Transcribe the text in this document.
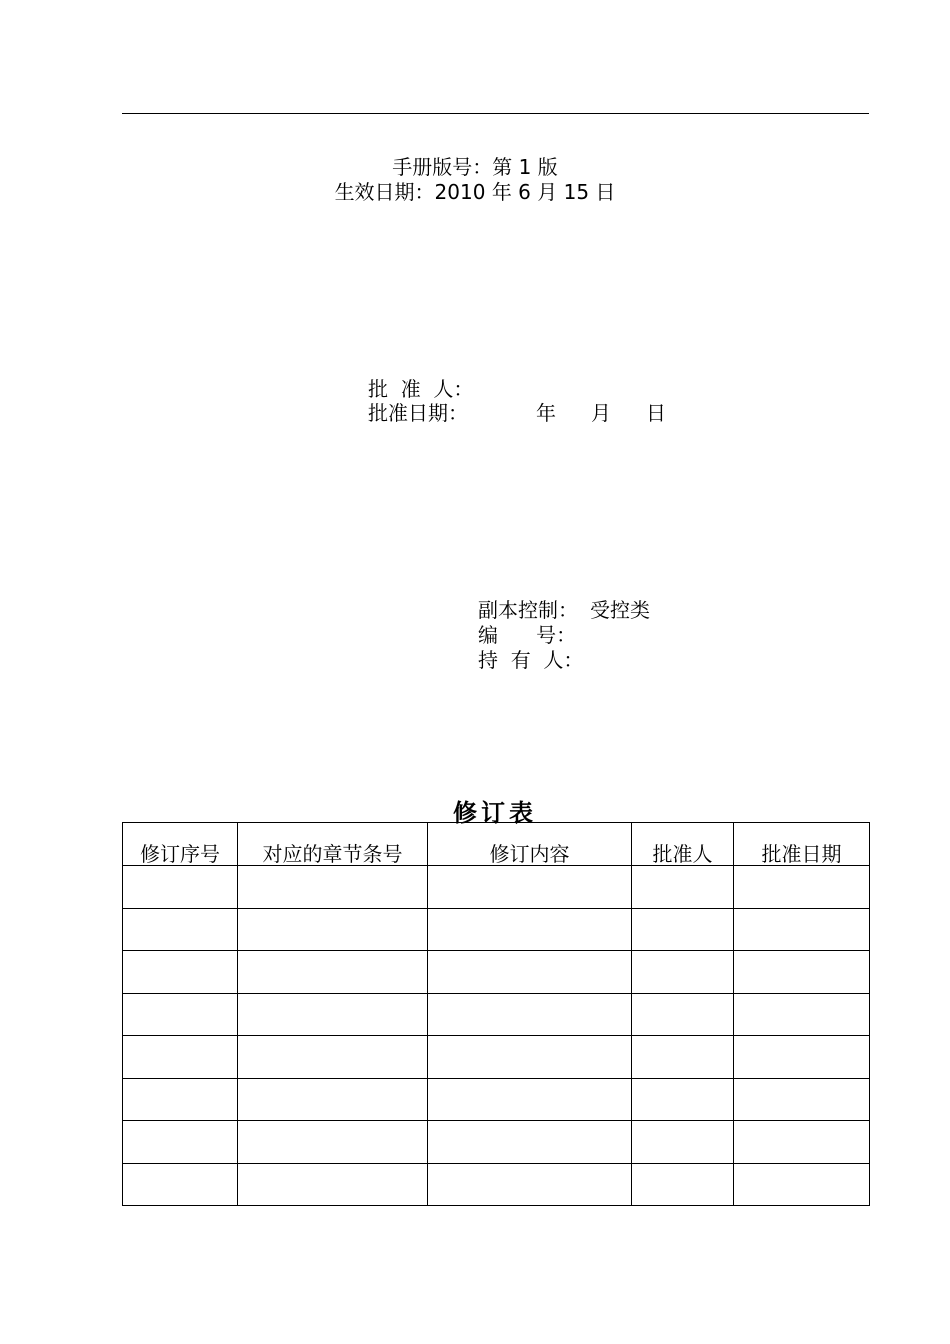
手册版号：第 1 版
生效日期：2010 年 6 月 15 日
批  准  人：
批准日期：	年 月 日
副本控制： 受控类
编      号：
持  有  人：
修订表
修订序号	对应的章节条号	修订内容	批准人	批准日期
